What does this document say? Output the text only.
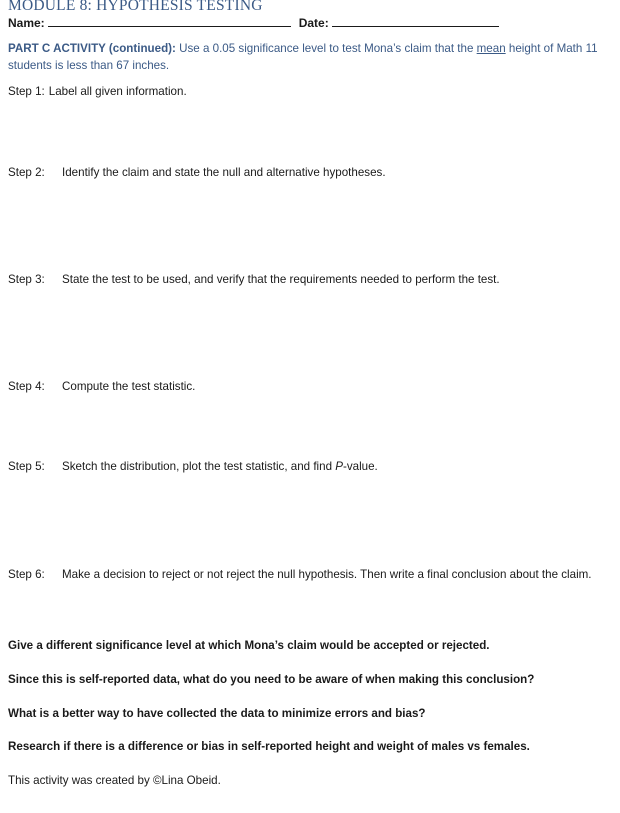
MODULE 8: HYPOTHESIS TESTING
Name:	Date:
PART C ACTIVITY (continued): Use a 0.05 significance level to test Mona’s claim that the mean height of Math 11 students is less than 67 inches.
Step 1: Label all given information.
Step 2:	Identify the claim and state the null and alternative hypotheses.
Step 3:	State the test to be used, and verify that the requirements needed to perform the test.
Step 4:	Compute the test statistic.
Step 5:	Sketch the distribution, plot the test statistic, and find P-value.
Step 6:	Make a decision to reject or not reject the null hypothesis. Then write a final conclusion about the claim.
Give a different significance level at which Mona’s claim would be accepted or rejected.
Since this is self-reported data, what do you need to be aware of when making this conclusion?
What is a better way to have collected the data to minimize errors and bias?
Research if there is a difference or bias in self-reported height and weight of males vs females.
This activity was created by ©Lina Obeid.
